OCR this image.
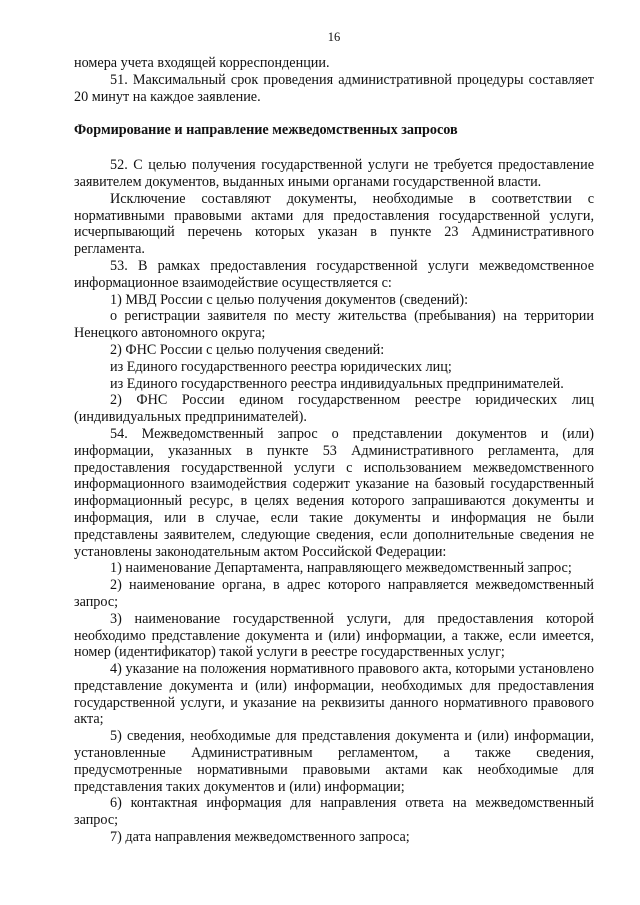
16

номера учета входящей корреспонденции.

51. Максимальный срок проведения административной процедуры составляет 20 минут на каждое заявление.

Формирование и направление межведомственных запросов

52. С целью получения государственной услуги не требуется предоставление заявителем документов, выданных иными органами государственной власти.

Исключение составляют документы, необходимые в соответствии с нормативными правовыми актами для предоставления государственной услуги, исчерпывающий перечень которых указан в пункте 23 Административного регламента.

53. В рамках предоставления государственной услуги межведомственное информационное взаимодействие осуществляется с:

1) МВД России с целью получения документов (сведений):

о регистрации заявителя по месту жительства (пребывания) на территории Ненецкого автономного округа;

2) ФНС России с целью получения сведений:

из Единого государственного реестра юридических лиц;

из Единого государственного реестра индивидуальных предпринимателей.

2) ФНС России едином государственном реестре юридических лиц (индивидуальных предпринимателей).

54. Межведомственный запрос о представлении документов и (или) информации, указанных в пункте 53 Административного регламента, для предоставления государственной услуги с использованием межведомственного информационного взаимодействия содержит указание на базовый государственный информационный ресурс, в целях ведения которого запрашиваются документы и информация, или в случае, если такие документы и информация не были представлены заявителем, следующие сведения, если дополнительные сведения не установлены законодательным актом Российской Федерации:

1) наименование Департамента, направляющего межведомственный запрос;

2) наименование органа, в адрес которого направляется межведомственный запрос;

3) наименование государственной услуги, для предоставления которой необходимо представление документа и (или) информации, а также, если имеется, номер (идентификатор) такой услуги в реестре государственных услуг;

4) указание на положения нормативного правового акта, которыми установлено представление документа и (или) информации, необходимых для предоставления государственной услуги, и указание на реквизиты данного нормативного правового акта;

5) сведения, необходимые для представления документа и (или) информации, установленные Административным регламентом, а также сведения, предусмотренные нормативными правовыми актами как необходимые для представления таких документов и (или) информации;

6) контактная информация для направления ответа на межведомственный запрос;

7) дата направления межведомственного запроса;
